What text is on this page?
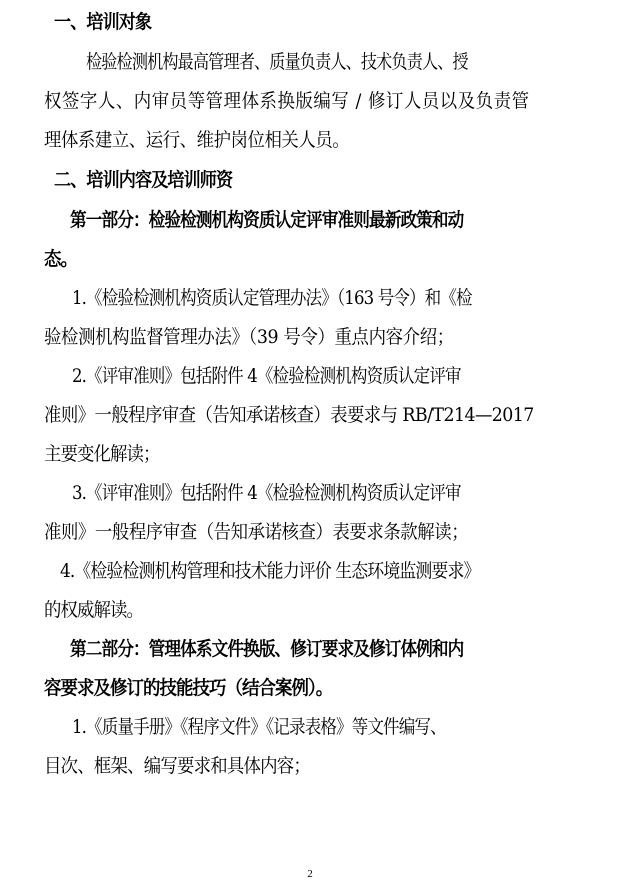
一、培训对象
检验检测机构最高管理者、质量负责人、技术负责人、授
权签字人、内审员等管理体系换版编写 / 修订人员以及负责管
理体系建立、运行、维护岗位相关人员。
二、培训内容及培训师资
第一部分：检验检测机构资质认定评审准则最新政策和动
态。
1.《检验检测机构资质认定管理办法》（163 号令）和《检
验检测机构监督管理办法》（39 号令）重点内容介绍；
2.《评审准则》包括附件 4《检验检测机构资质认定评审
准则》一般程序审查（告知承诺核查）表要求与 RB/T214—2017
主要变化解读；
3.《评审准则》包括附件 4《检验检测机构资质认定评审
准则》一般程序审查（告知承诺核查）表要求条款解读；
4.《检验检测机构管理和技术能力评价 生态环境监测要求》
的权威解读。
第二部分：管理体系文件换版、修订要求及修订体例和内
容要求及修订的技能技巧（结合案例）。
1.《质量手册》《程序文件》《记录表格》等文件编写、
目次、框架、编写要求和具体内容；
2
